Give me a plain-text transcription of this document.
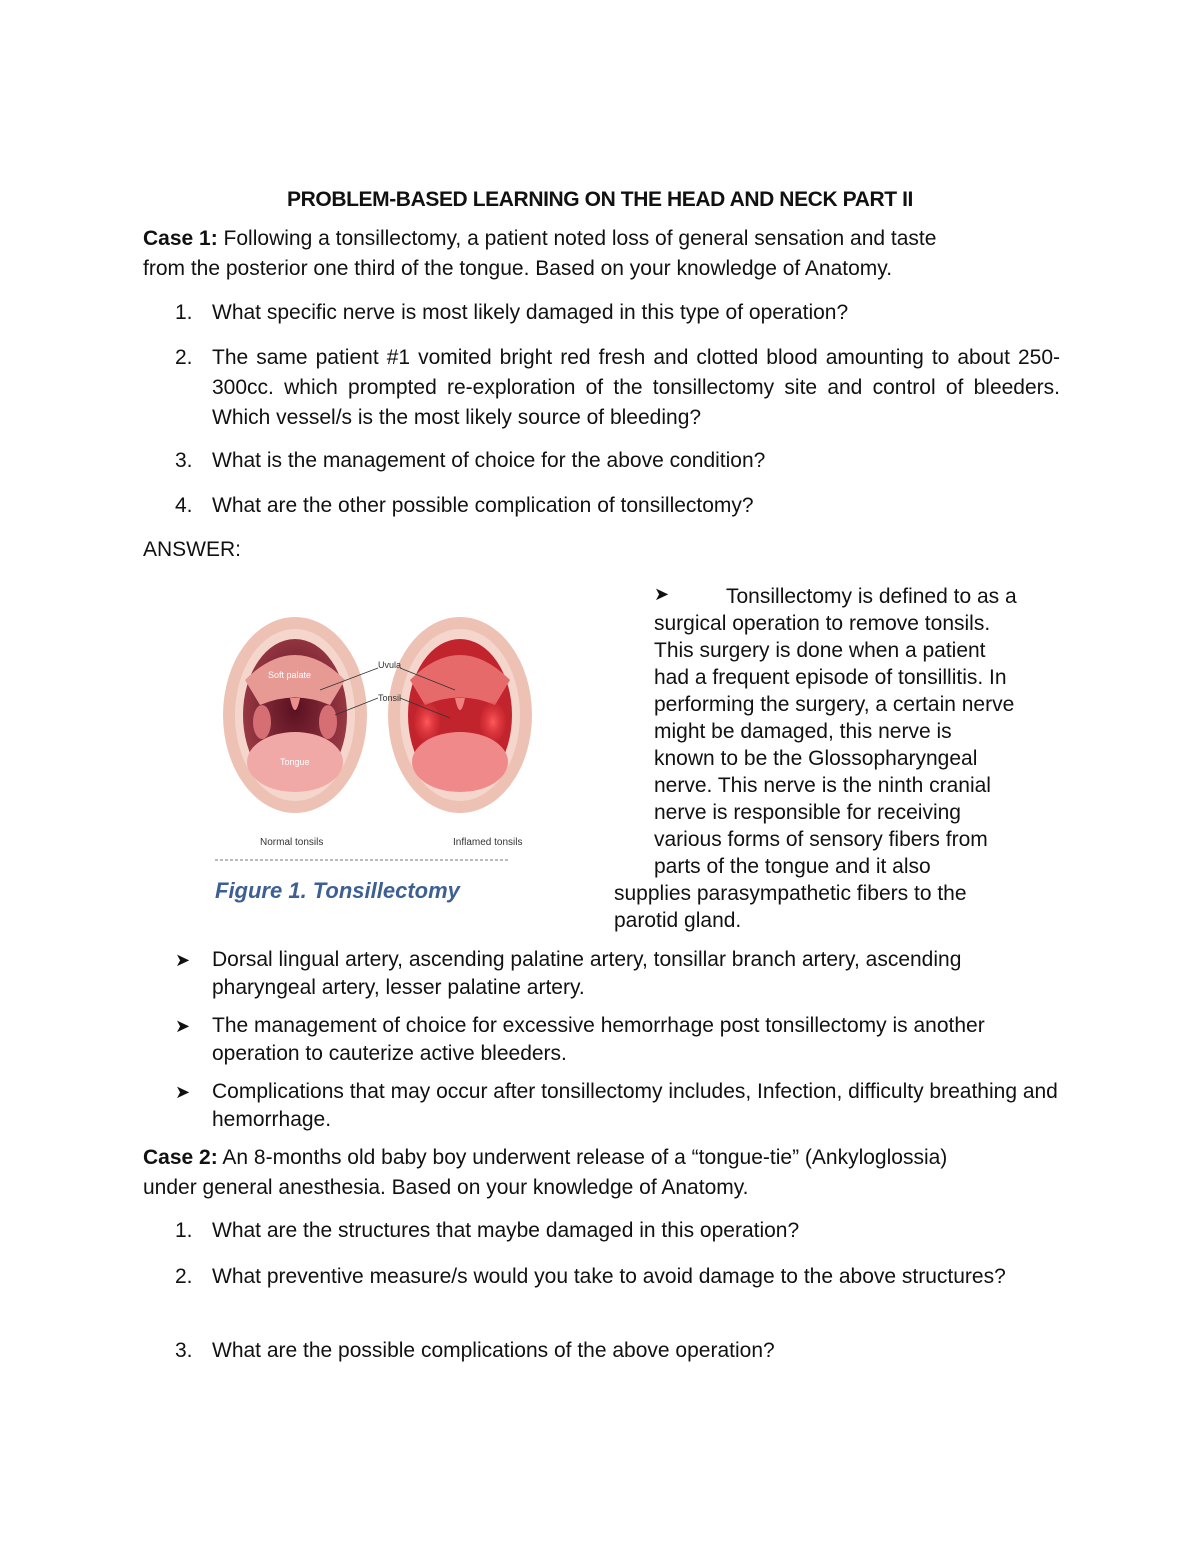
PROBLEM-BASED LEARNING ON THE HEAD AND NECK PART II
Case 1: Following a tonsillectomy, a patient noted loss of general sensation and taste
from the posterior one third of the tongue. Based on your knowledge of Anatomy.
1. What specific nerve is most likely damaged in this type of operation?
2. The same patient #1 vomited bright red fresh and clotted blood amounting to about 250- 300cc. which prompted re-exploration of the tonsillectomy site and control of bleeders. Which vessel/s is the most likely source of bleeding?
3. What is the management of choice for the above condition?
4. What are the other possible complication of tonsillectomy?
ANSWER:
Soft palate
Uvula
Tonsil
Tongue
Normal tonsils	Inflamed tonsils
Figure 1. Tonsillectomy
➤	Tonsillectomy is defined to as a
surgical operation to remove tonsils.
This surgery is done when a patient
had a frequent episode of tonsillitis. In
performing the surgery, a certain nerve
might be damaged, this nerve is
known to be the Glossopharyngeal
nerve. This nerve is the ninth cranial
nerve is responsible for receiving
various forms of sensory fibers from
parts of the tongue and it also
supplies parasympathetic fibers to the
parotid gland.
➤ Dorsal lingual artery, ascending palatine artery, tonsillar branch artery, ascending pharyngeal artery, lesser palatine artery.
➤ The management of choice for excessive hemorrhage post tonsillectomy is another operation to cauterize active bleeders.
➤ Complications that may occur after tonsillectomy includes, Infection, difficulty breathing and hemorrhage.
Case 2: An 8-months old baby boy underwent release of a “tongue-tie” (Ankyloglossia)
under general anesthesia. Based on your knowledge of Anatomy.
1. What are the structures that maybe damaged in this operation?
2. What preventive measure/s would you take to avoid damage to the above structures?
3. What are the possible complications of the above operation?
